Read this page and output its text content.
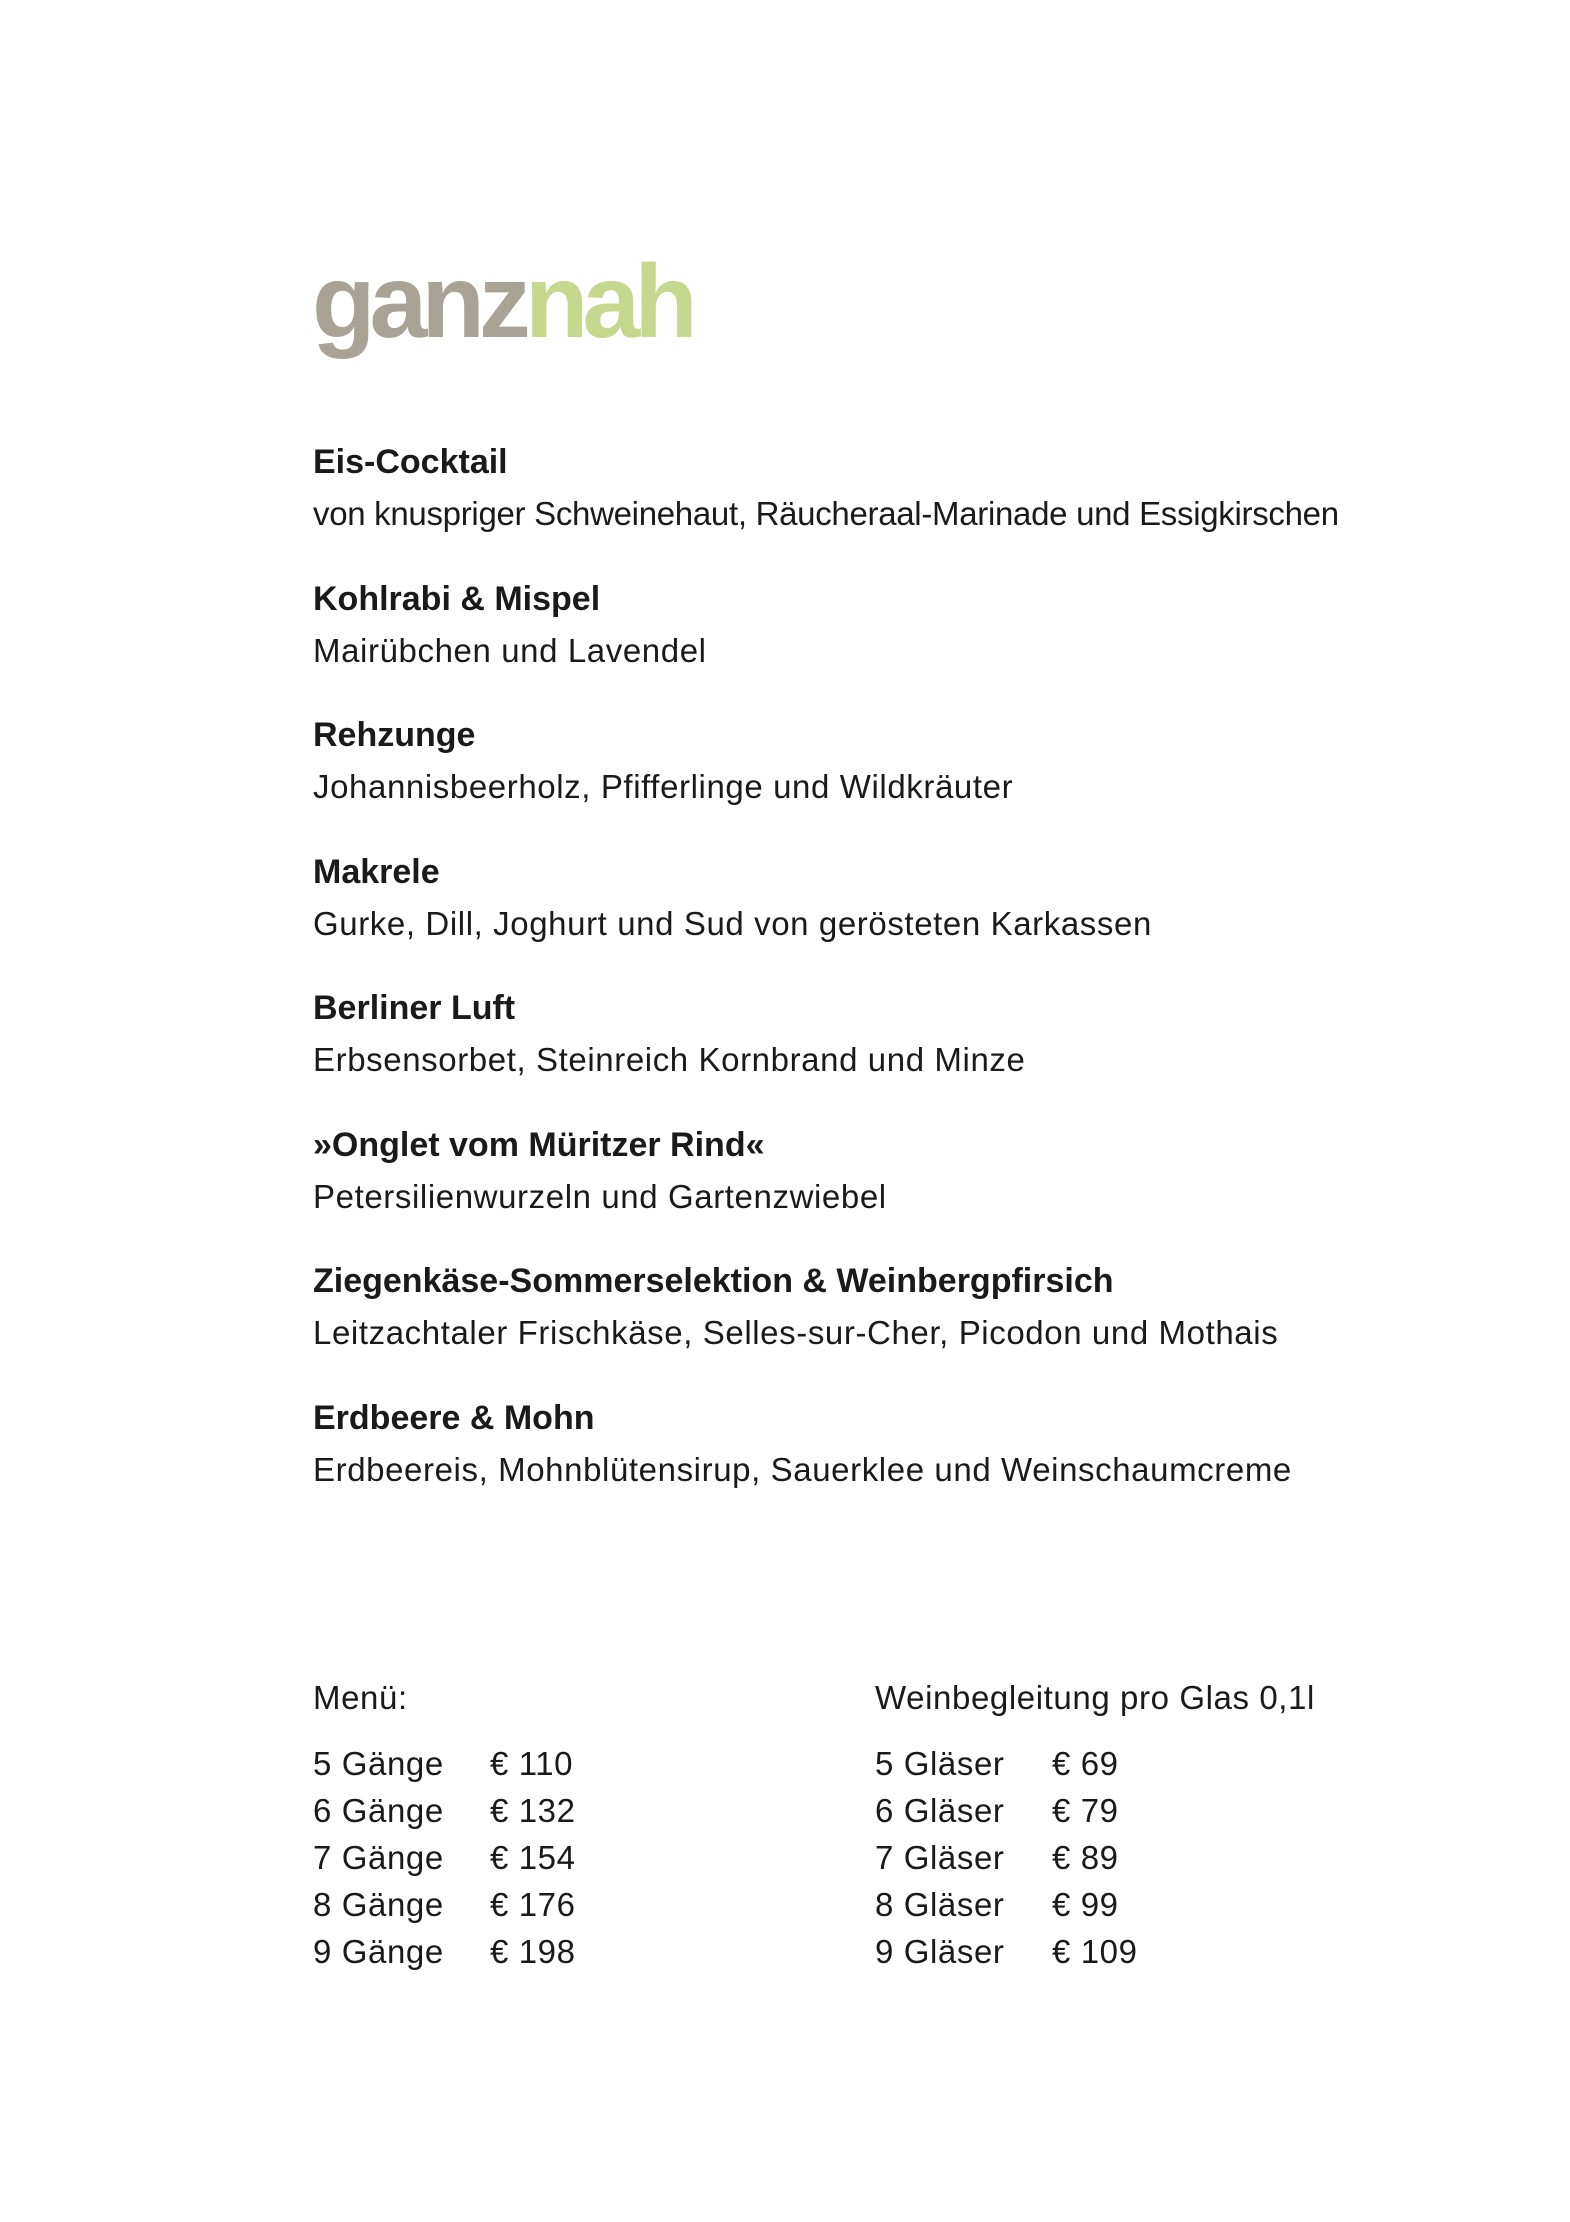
ganznah
Eis-Cocktail
von knuspriger Schweinehaut, Räucheraal-Marinade und Essigkirschen
Kohlrabi & Mispel
Mairübchen und Lavendel
Rehzunge
Johannisbeerholz, Pfifferlinge und Wildkräuter
Makrele
Gurke, Dill, Joghurt und Sud von gerösteten Karkassen
Berliner Luft
Erbsensorbet, Steinreich Kornbrand und Minze
»Onglet vom Müritzer Rind«
Petersilienwurzeln und Gartenzwiebel
Ziegenkäse-Sommerselektion & Weinbergpfirsich
Leitzachtaler Frischkäse, Selles-sur-Cher, Picodon und Mothais
Erdbeere & Mohn
Erdbeereis, Mohnblütensirup, Sauerklee und Weinschaumcreme
Menü:
5 Gänge	€ 110
6 Gänge	€ 132
7 Gänge	€ 154
8 Gänge	€ 176
9 Gänge	€ 198
Weinbegleitung pro Glas 0,1l
5 Gläser	€ 69
6 Gläser	€ 79
7 Gläser	€ 89
8 Gläser	€ 99
9 Gläser	€ 109
